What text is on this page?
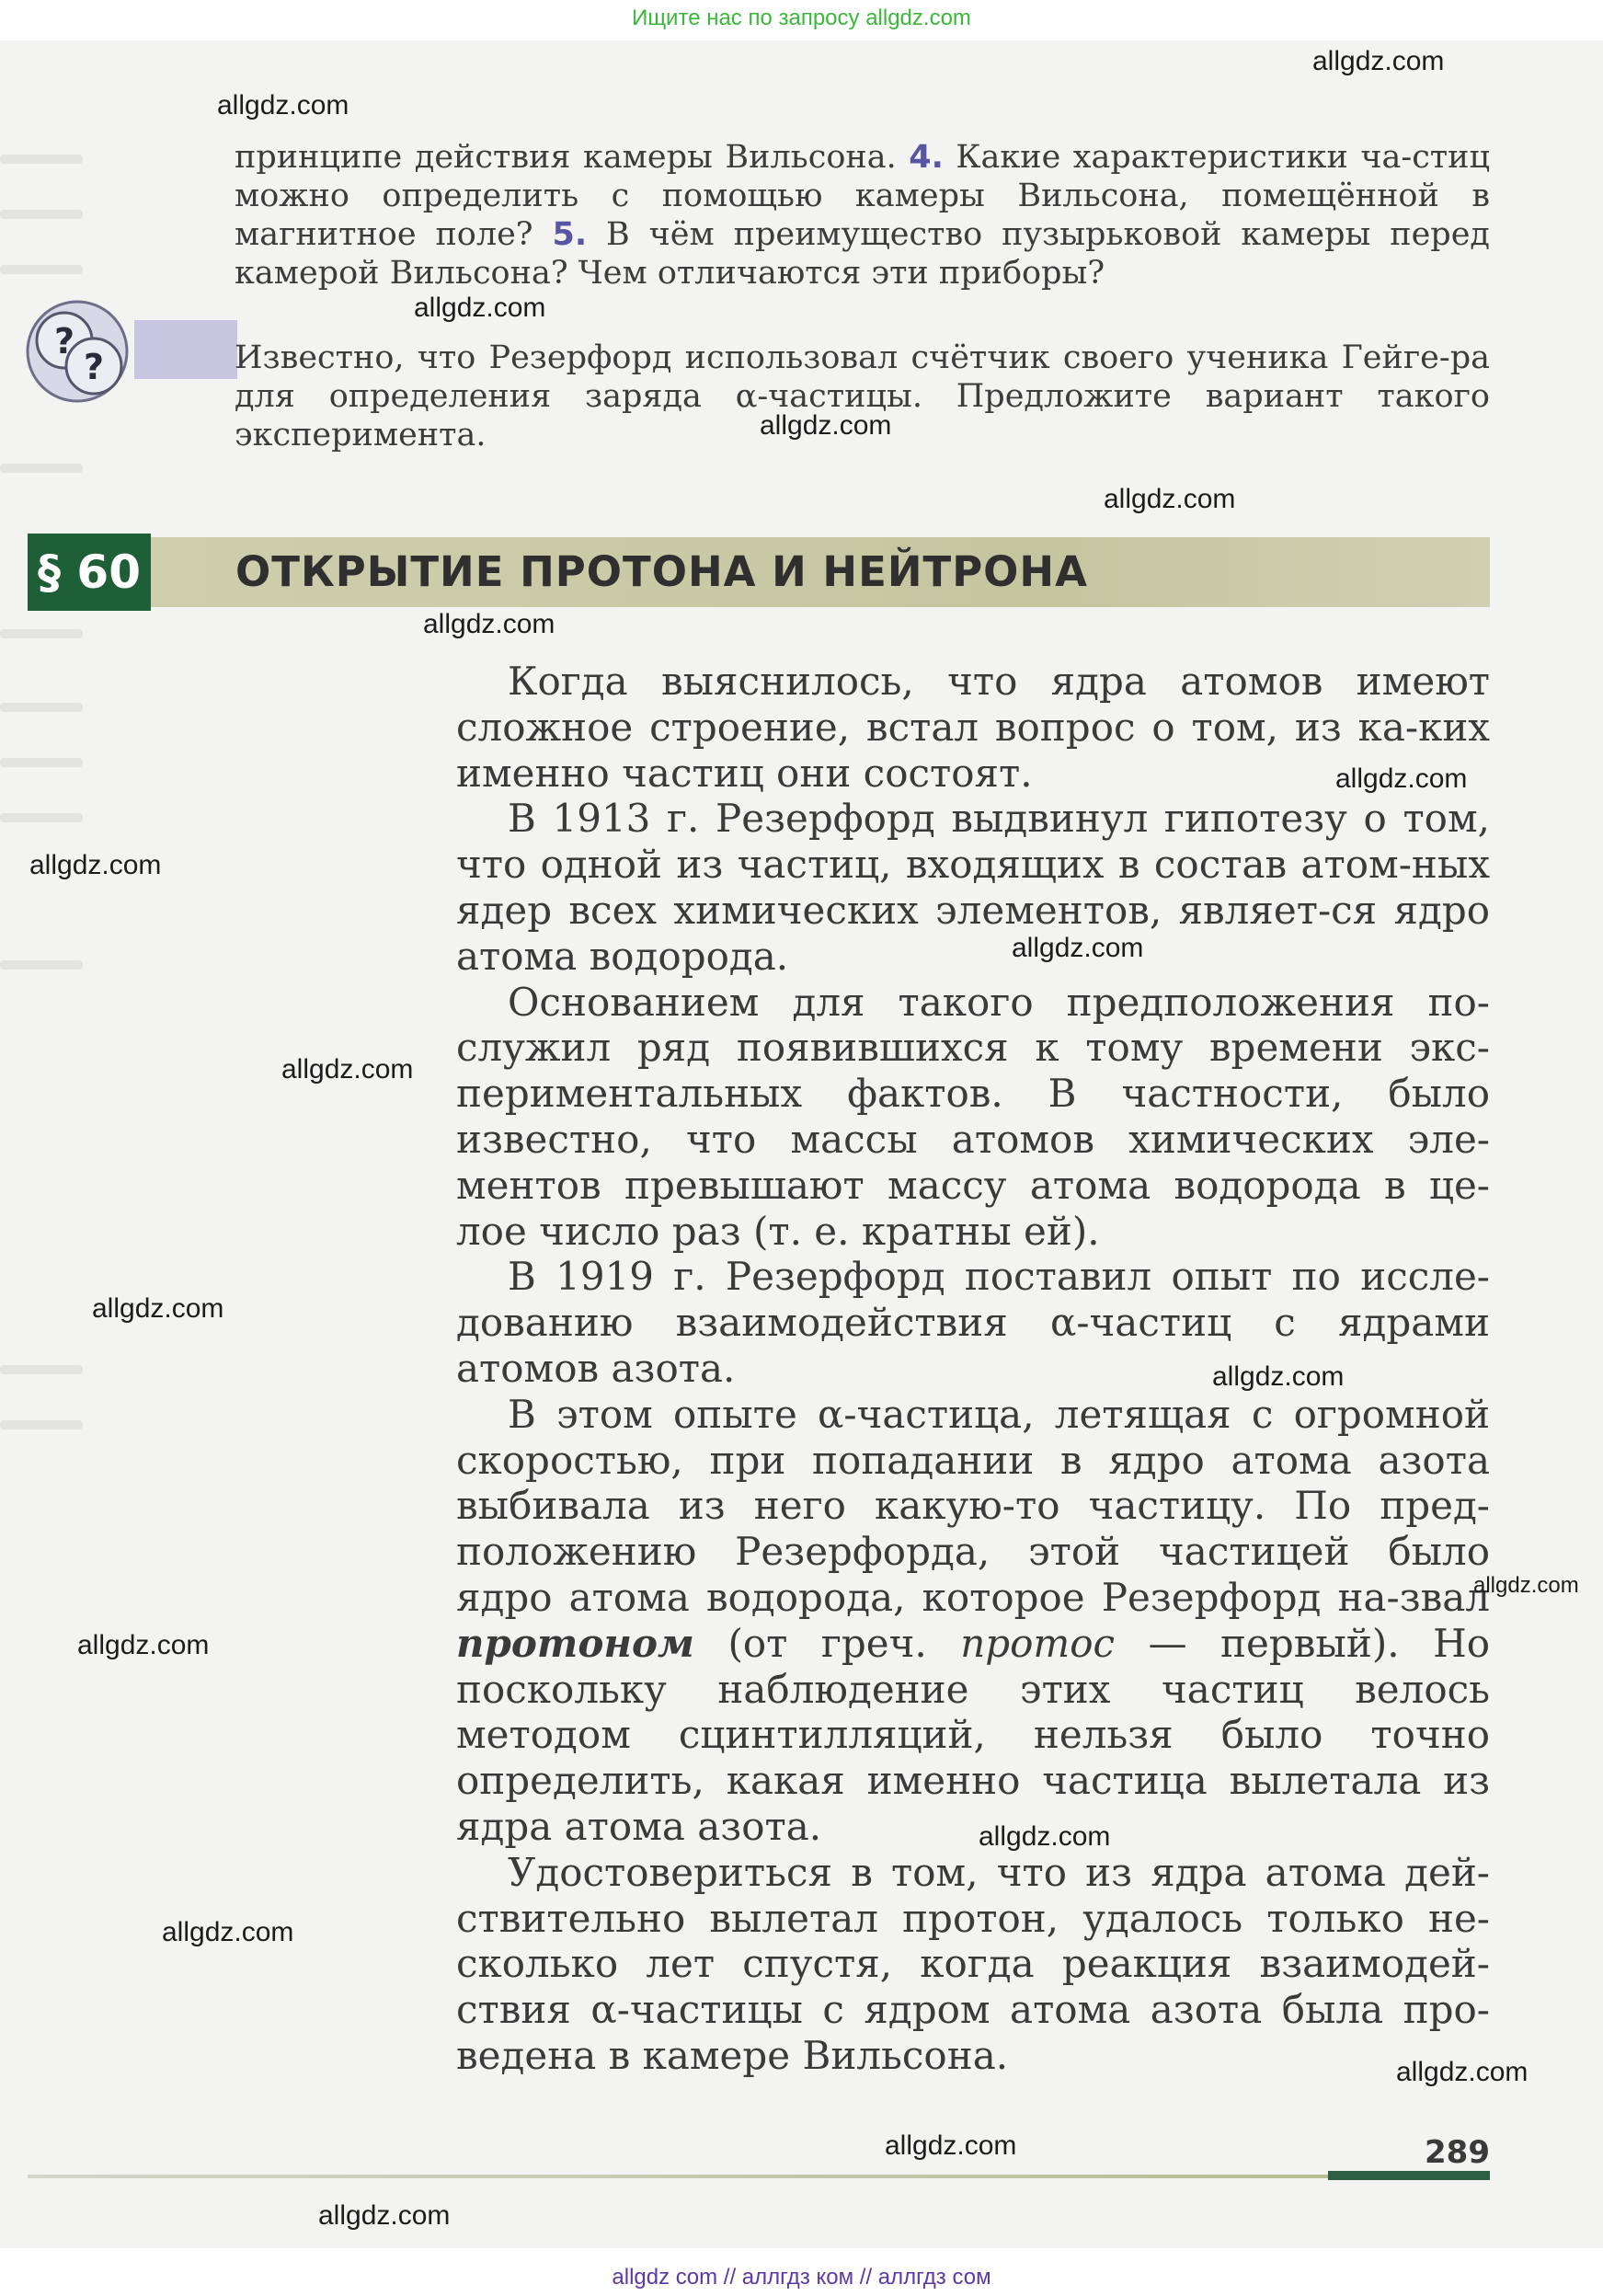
Ищите нас по запросу allgdz.com
принципе действия камеры Вильсона. 4. Какие характеристики ча-стиц можно определить с помощью камеры Вильсона, помещённой в магнитное поле? 5. В чём преимущество пузырьковой камеры перед камерой Вильсона? Чем отличаются эти приборы?
?
?	Известно, что Резерфорд использовал счётчик своего ученика Гейге-ра для определения заряда α-частицы. Предложите вариант такого эксперимента.
§ 60 ОТКРЫТИЕ ПРОТОНА И НЕЙТРОНА

Когда выяснилось, что ядра атомов имеют сложное строение, встал вопрос о том, из ка-ких именно частиц они состоят.

В 1913 г. Резерфорд выдвинул гипотезу о том, что одной из частиц, входящих в состав атом-ных ядер всех химических элементов, являет-ся ядро атома водорода.

Основанием для такого предположения по-служил ряд появившихся к тому времени экс-периментальных фактов. В частности, было известно, что массы атомов химических эле-ментов превышают массу атома водорода в це-лое число раз (т. е. кратны ей).

В 1919 г. Резерфорд поставил опыт по иссле-дованию взаимодействия α-частиц с ядрами атомов азота.

В этом опыте α-частица, летящая с огромной скоростью, при попадании в ядро атома азота выбивала из него какую-то частицу. По пред-положению Резерфорда, этой частицей было ядро атома водорода, которое Резерфорд на-звал протоном (от греч. протос — первый). Но поскольку наблюдение этих частиц велось методом сцинтилляций, нельзя было точно определить, какая именно частица вылетала из ядра атома азота.

Удостовериться в том, что из ядра атома дей-ствительно вылетал протон, удалось только не-сколько лет спустя, когда реакция взаимодей-ствия α-частицы с ядром атома азота была про-ведена в камере Вильсона.

289
allgdz.com
allgdz.com
allgdz.com
allgdz.com
allgdz.com
allgdz.com
allgdz.com
allgdz.com
allgdz.com
allgdz.com
allgdz.com
allgdz.com
allgdz.com
allgdz.com
allgdz.com
allgdz.com
allgdz.com
allgdz.com
allgdz.com
allgdz com // аллгдз ком // аллгдз сом
